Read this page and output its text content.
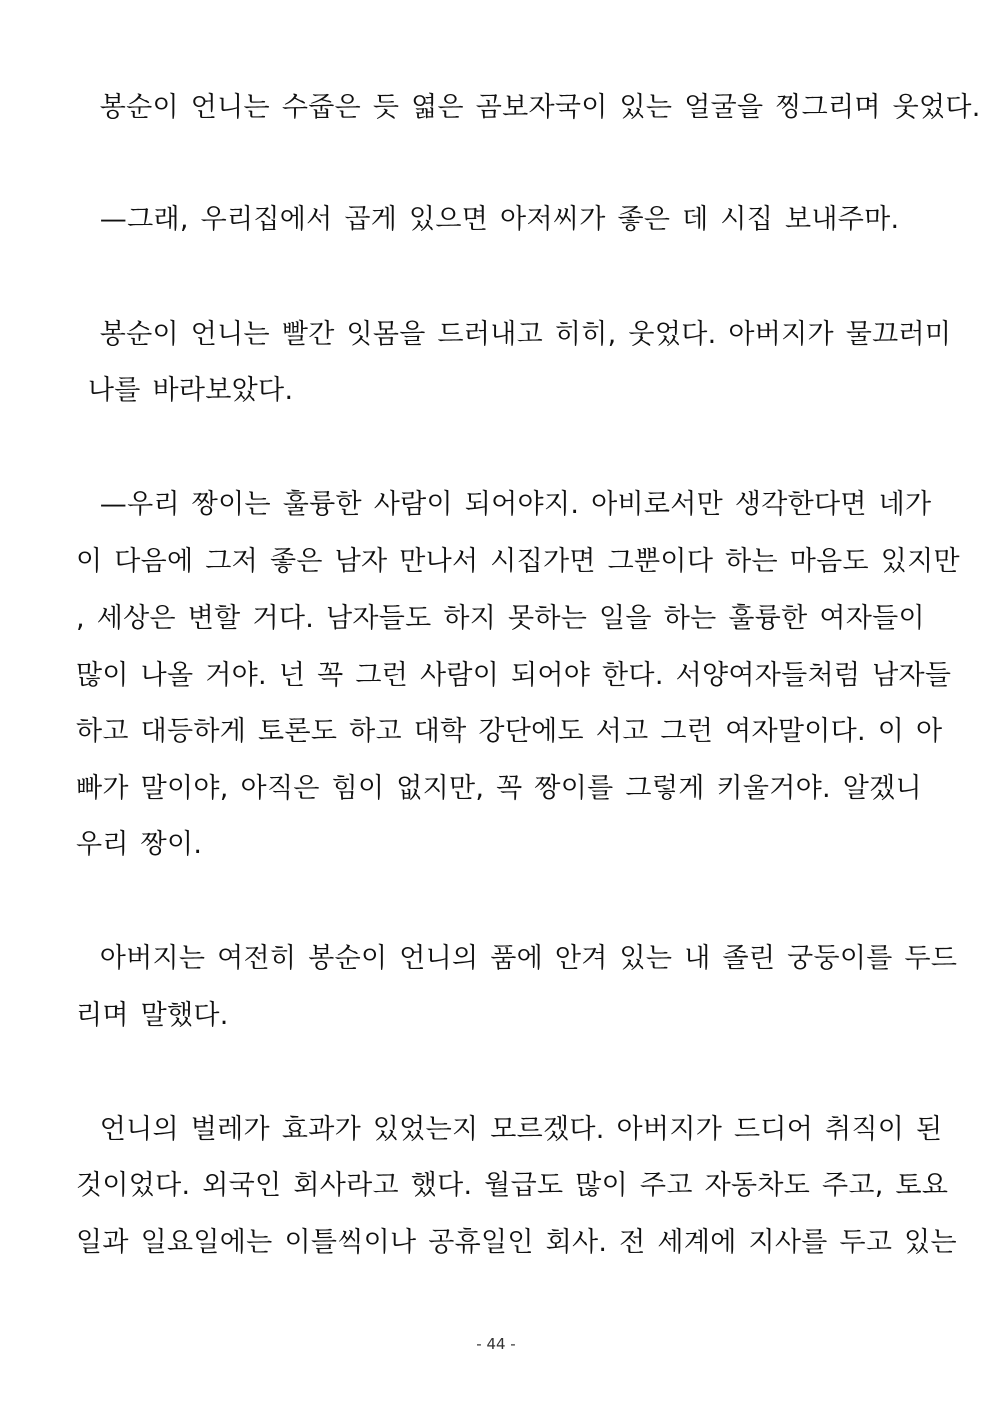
봉순이 언니는 수줍은 듯 엷은 곰보자국이 있는 얼굴을 찡그리며 웃었다.
—그래, 우리집에서 곱게 있으면 아저씨가 좋은 데 시집 보내주마.
봉순이 언니는 빨간 잇몸을 드러내고 히히, 웃었다. 아버지가 물끄러미
나를 바라보았다.
—우리 짱이는 훌륭한 사람이 되어야지. 아비로서만 생각한다면 네가
이 다음에 그저 좋은 남자 만나서 시집가면 그뿐이다 하는 마음도 있지만
, 세상은 변할 거다. 남자들도 하지 못하는 일을 하는 훌륭한 여자들이
많이 나올 거야. 넌 꼭 그런 사람이 되어야 한다. 서양여자들처럼 남자들
하고 대등하게 토론도 하고 대학 강단에도 서고 그런 여자말이다. 이 아
빠가 말이야, 아직은 힘이 없지만, 꼭 짱이를 그렇게 키울거야. 알겠니
우리 짱이.
아버지는 여전히 봉순이 언니의 품에 안겨 있는 내 졸린 궁둥이를 두드
리며 말했다.
언니의 벌레가 효과가 있었는지 모르겠다. 아버지가 드디어 취직이 된
것이었다. 외국인 회사라고 했다. 월급도 많이 주고 자동차도 주고, 토요
일과 일요일에는 이틀씩이나 공휴일인 회사. 전 세계에 지사를 두고 있는
- 44 -
